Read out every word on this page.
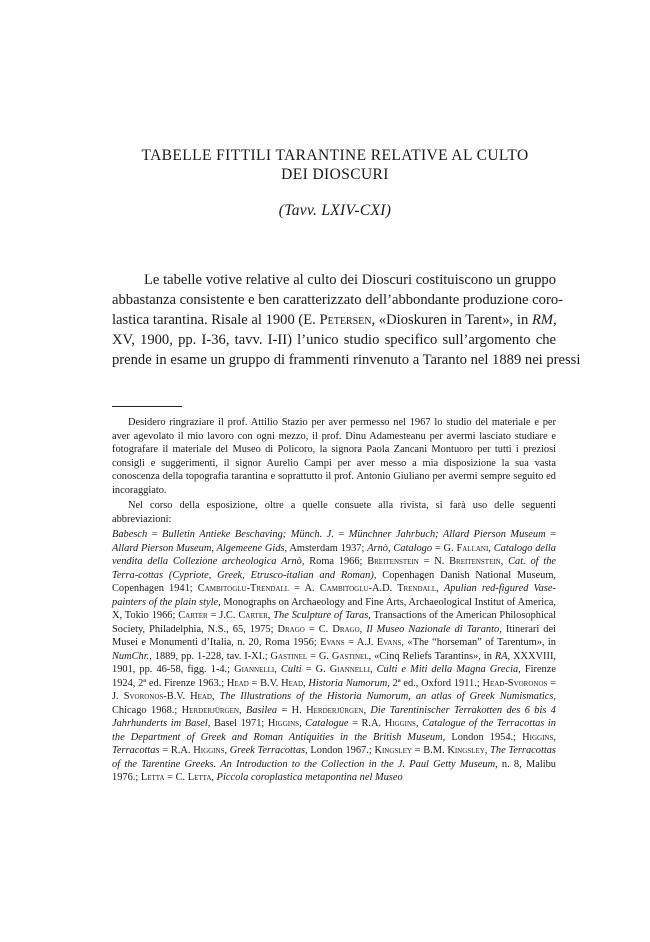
TABELLE FITTILI TARANTINE RELATIVE AL CULTO
DEI DIOSCURI
(Tavv. LXIV-CXI)
Le tabelle votive relative al culto dei Dioscuri costituiscono un gruppo
abbastanza consistente e ben caratterizzato dell’abbondante produzione coro-
lastica tarantina. Risale al 1900 (E. Petersen, «Dioskuren in Tarent», in RM,
XV, 1900, pp. I-36, tavv. I-II) l’unico studio specifico sull’argomento che
prende in esame un gruppo di frammenti rinvenuto a Taranto nel 1889 nei pressi

Desidero ringraziare il prof. Attilio Stazio per aver permesso nel 1967 lo studio del materiale e per aver agevolato il mio lavoro con ogni mezzo, il prof. Dinu Adamesteanu per avermi lasciato studiare e fotografare il materiale del Museo di Policoro, la signora Paola Zancani Montuoro per tutti i preziosi consigli e suggerimenti, il signor Aurelio Campi per aver messo a mia disposizione la sua vasta conoscenza della topografia tarantina e soprattutto il prof. Antonio Giuliano per avermi sempre seguito ed incoraggiato.

Nel corso della esposizione, oltre a quelle consuete alla rivista, si farà uso delle seguenti abbreviazioni:

Babesch = Bulletin Antieke Beschaving; Münch. J. = Münchner Jahrbuch; Allard Pierson Museum = Allard Pierson Museum, Algemeene Gids, Amsterdam 1937; Arnò, Catalogo = G. Fallani, Catalogo della vendita della Collezione archeologica Arnò, Roma 1966; Breitenstein = N. Breitenstein, Cat. of the Terra-cottas (Cypriote, Greek, Etrusco-italian and Roman), Copenhagen Danish National Museum, Copenhagen 1941; Cambitoglu-Trendall = A. Cambitoglu-A.D. Trendall, Apulian red-figured Vase-painters of the plain style, Monographs on Archaeology and Fine Arts, Archaeological Institut of America, X, Tokio 1966; Carter = J.C. Carter, The Sculpture of Taras, Transactions of the American Philosophical Society, Philadelphia, N.S., 65, 1975; Drago = C. Drago, Il Museo Nazionale di Taranto, Itinerari dei Musei e Monumenti d’Italia, n. 20, Roma 1956; Evans = A.J. Evans, «The “horseman” of Tarentum», in NumChr., 1889, pp. 1-228, tav. I-XI.; Gastinel = G. Gastinel, «Cinq Reliefs Tarantins», in RA, XXXVIII, 1901, pp. 46-58, figg. 1-4.; Giannelli, Culti = G. Giannelli, Culti e Miti della Magna Grecia, Firenze 1924, 2ª ed. Firenze 1963.; Head = B.V. Head, Historia Numorum, 2ª ed., Oxford 1911.; Head-Svoronos = J. Svoronos-B.V. Head, The Illustrations of the Historia Numorum, an atlas of Greek Numismatics, Chicago 1968.; Herderjürgen, Basilea = H. Herderjürgen, Die Tarentinischer Terrakotten des 6 bis 4 Jahrhunderts im Basel, Basel 1971; Higgins, Catalogue = R.A. Higgins, Catalogue of the Terracottas in the Department of Greek and Roman Antiquities in the British Museum, London 1954.; Higgins, Terracottas = R.A. Higgins, Greek Terracottas, London 1967.; Kingsley = B.M. Kingsley, The Terracottas of the Tarentine Greeks. An Introduction to the Collection in the J. Paul Getty Museum, n. 8, Malibu 1976.; Letta = C. Letta, Piccola coroplastica metapontina nel Museo
